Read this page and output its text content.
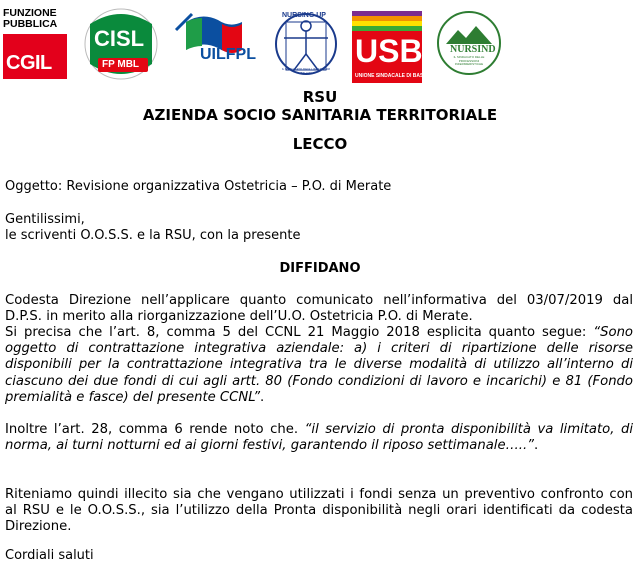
FUNZIONE
PUBBLICA
CGIL
CISL
FP MBL
UILFPL
NURSING UP
IL SINDACATO DEGLI INFERMIERI ITALIANI
USB
UNIONE SINDACALE DI BASE
NURSIND
IL SINDACATO DELLE PROFESSIONI INFERMIERISTICHE
RSU
AZIENDA SOCIO SANITARIA TERRITORIALE
LECCO
Oggetto: Revisione organizzativa Ostetricia – P.O. di Merate
Gentilissimi,
le scriventi O.O.S.S. e la RSU, con la presente
DIFFIDANO
Codesta Direzione nell’applicare quanto comunicato nell’informativa del 03/07/2019 dal
D.P.S. in merito alla riorganizzazione dell’U.O. Ostetricia P.O. di Merate.
Si precisa che l’art. 8, comma 5 del CCNL 21 Maggio 2018 esplicita quanto segue: “Sono
oggetto di contrattazione integrativa aziendale: a) i criteri di ripartizione delle risorse
disponibili per la contrattazione integrativa tra le diverse modalità di utilizzo all’interno di
ciascuno dei due fondi di cui agli artt. 80 (Fondo condizioni di lavoro e incarichi) e 81 (Fondo
premialità e fasce) del presente CCNL”.
Inoltre l’art. 28, comma 6 rende noto che. “il servizio di pronta disponibilità va limitato, di
norma, ai turni notturni ed ai giorni festivi, garantendo il riposo settimanale…..”.
Riteniamo quindi illecito sia che vengano utilizzati i fondi senza un preventivo confronto con
al RSU e le O.O.S.S., sia l’utilizzo della Pronta disponibilità negli orari identificati da codesta
Direzione.
Cordiali saluti
